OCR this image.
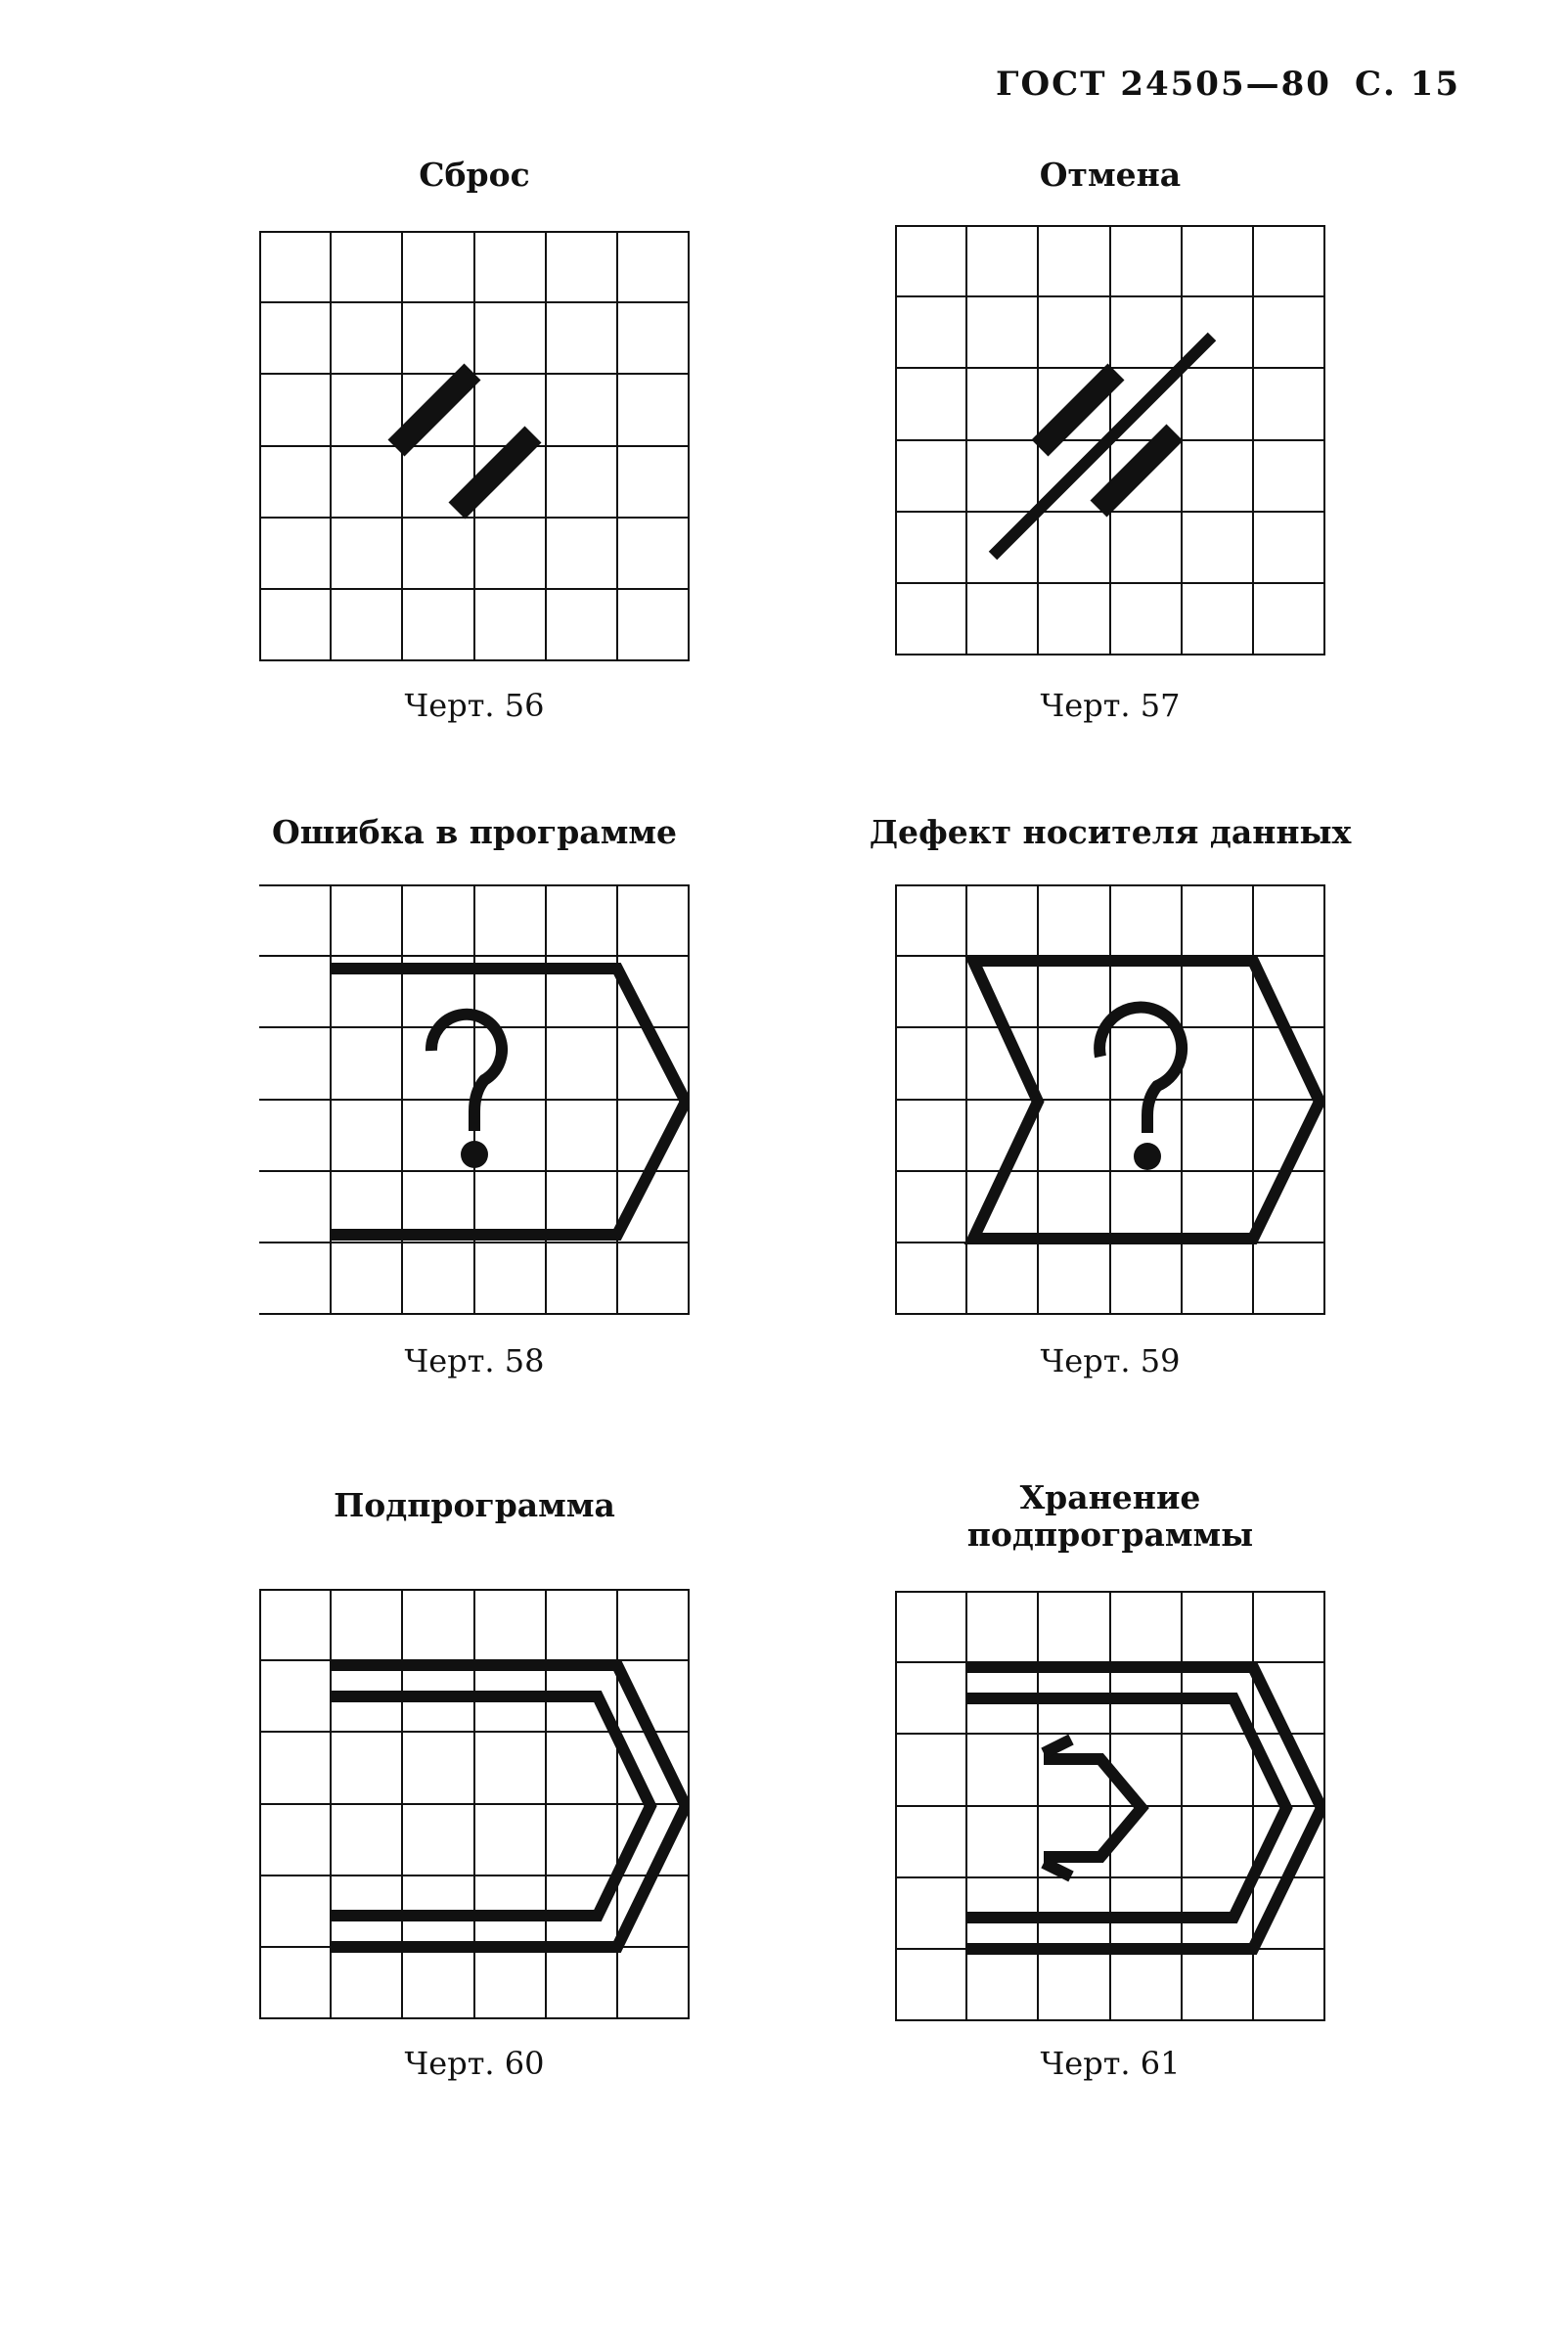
ГОСТ 24505—80 С. 15
Сброс
Черт. 56
Отмена
Черт. 57
Ошибка в программе
Черт. 58
Дефект носителя данных
Черт. 59
Подпрограмма
Черт. 60
Хранение
подпрограммы
Черт. 61
